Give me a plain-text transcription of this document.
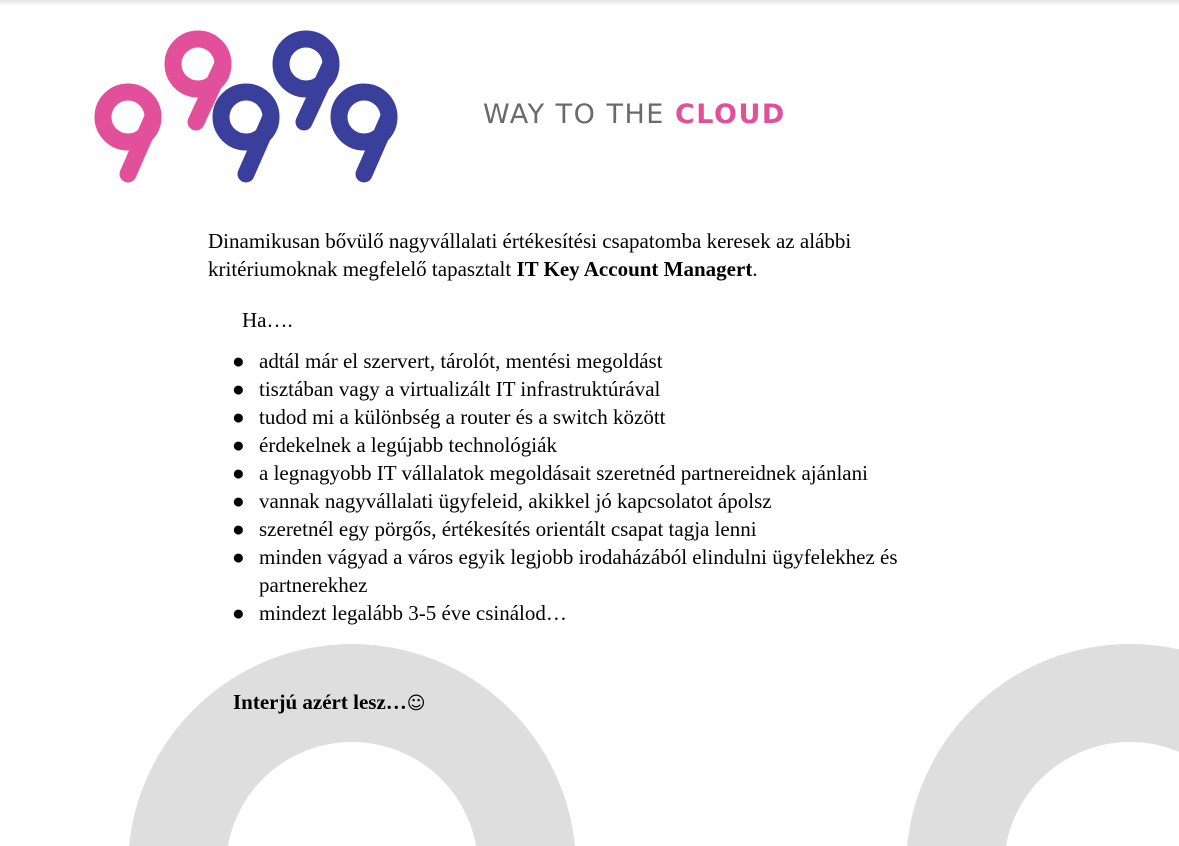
WAY TO THE CLOUD
Dinamikusan bővülő nagyvállalati értékesítési csapatomba keresek az alábbi kritériumoknak megfelelő tapasztalt IT Key Account Managert.
Ha….
● adtál már el szervert, tárolót, mentési megoldást
● tisztában vagy a virtualizált IT infrastruktúrával
● tudod mi a különbség a router és a switch között
● érdekelnek a legújabb technológiák
● a legnagyobb IT vállalatok megoldásait szeretnéd partnereidnek ajánlani
● vannak nagyvállalati ügyfeleid, akikkel jó kapcsolatot ápolsz
● szeretnél egy pörgős, értékesítés orientált csapat tagja lenni
● minden vágyad a város egyik legjobb irodaházából elindulni ügyfelekhez és partnerekhez
● mindezt legalább 3-5 éve csinálod…
Interjú azért lesz…☺
